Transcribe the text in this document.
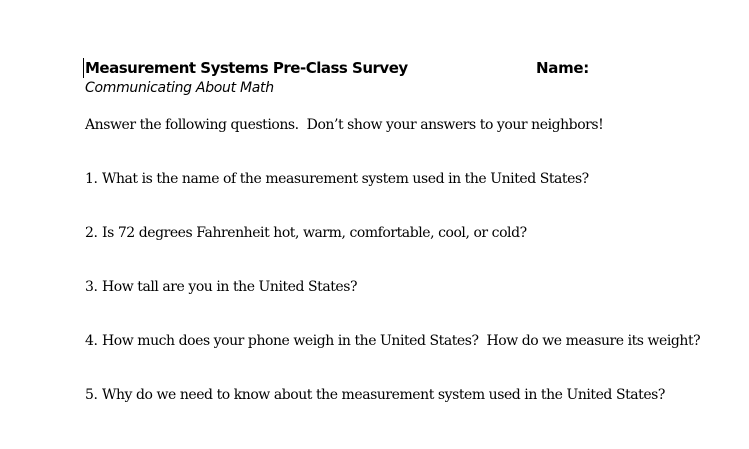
Measurement Systems Pre-Class Survey	Name:
Communicating About Math
Answer the following questions.  Don’t show your answers to your neighbors!
1. What is the name of the measurement system used in the United States?
2. Is 72 degrees Fahrenheit hot, warm, comfortable, cool, or cold?
3. How tall are you in the United States?
4. How much does your phone weigh in the United States?  How do we measure its weight?
5. Why do we need to know about the measurement system used in the United States?
